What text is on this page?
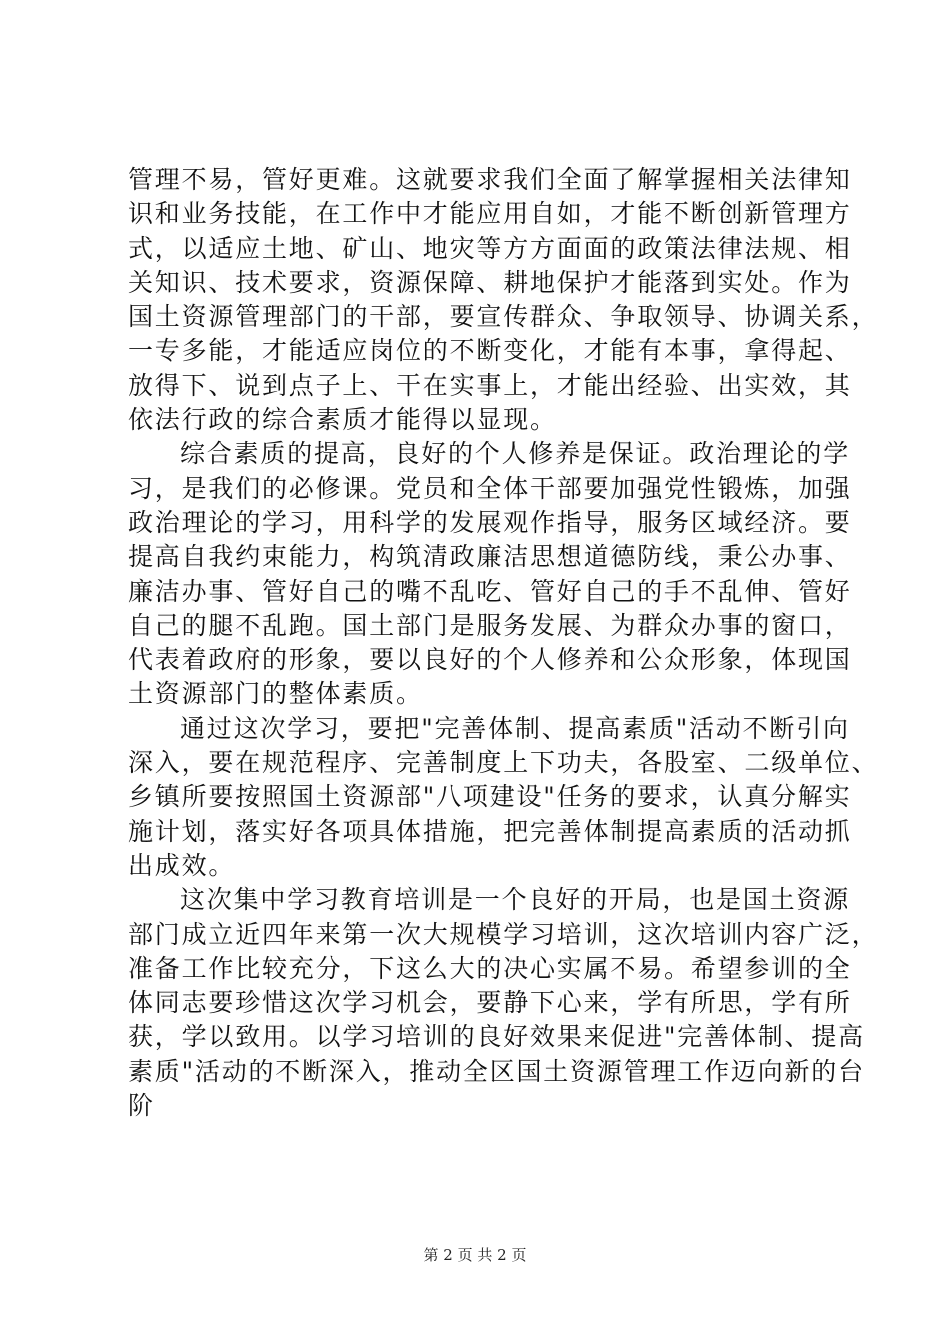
管理不易，管好更难。这就要求我们全面了解掌握相关法律知
识和业务技能，在工作中才能应用自如，才能不断创新管理方
式，以适应土地、矿山、地灾等方方面面的政策法律法规、相
关知识、技术要求，资源保障、耕地保护才能落到实处。作为
国土资源管理部门的干部，要宣传群众、争取领导、协调关系，
一专多能，才能适应岗位的不断变化，才能有本事，拿得起、
放得下、说到点子上、干在实事上，才能出经验、出实效，其
依法行政的综合素质才能得以显现。
综合素质的提高，良好的个人修养是保证。政治理论的学
习，是我们的必修课。党员和全体干部要加强党性锻炼，加强
政治理论的学习，用科学的发展观作指导，服务区域经济。要
提高自我约束能力，构筑清政廉洁思想道德防线，秉公办事、
廉洁办事、管好自己的嘴不乱吃、管好自己的手不乱伸、管好
自己的腿不乱跑。国土部门是服务发展、为群众办事的窗口，
代表着政府的形象，要以良好的个人修养和公众形象，体现国
土资源部门的整体素质。
通过这次学习，要把"完善体制、提高素质"活动不断引向
深入，要在规范程序、完善制度上下功夫，各股室、二级单位、
乡镇所要按照国土资源部"八项建设"任务的要求，认真分解实
施计划，落实好各项具体措施，把完善体制提高素质的活动抓
出成效。
这次集中学习教育培训是一个良好的开局，也是国土资源
部门成立近四年来第一次大规模学习培训，这次培训内容广泛，
准备工作比较充分，下这么大的决心实属不易。希望参训的全
体同志要珍惜这次学习机会，要静下心来，学有所思，学有所
获，学以致用。以学习培训的良好效果来促进"完善体制、提高
素质"活动的不断深入，推动全区国土资源管理工作迈向新的台
阶
第 2 页 共 2 页
